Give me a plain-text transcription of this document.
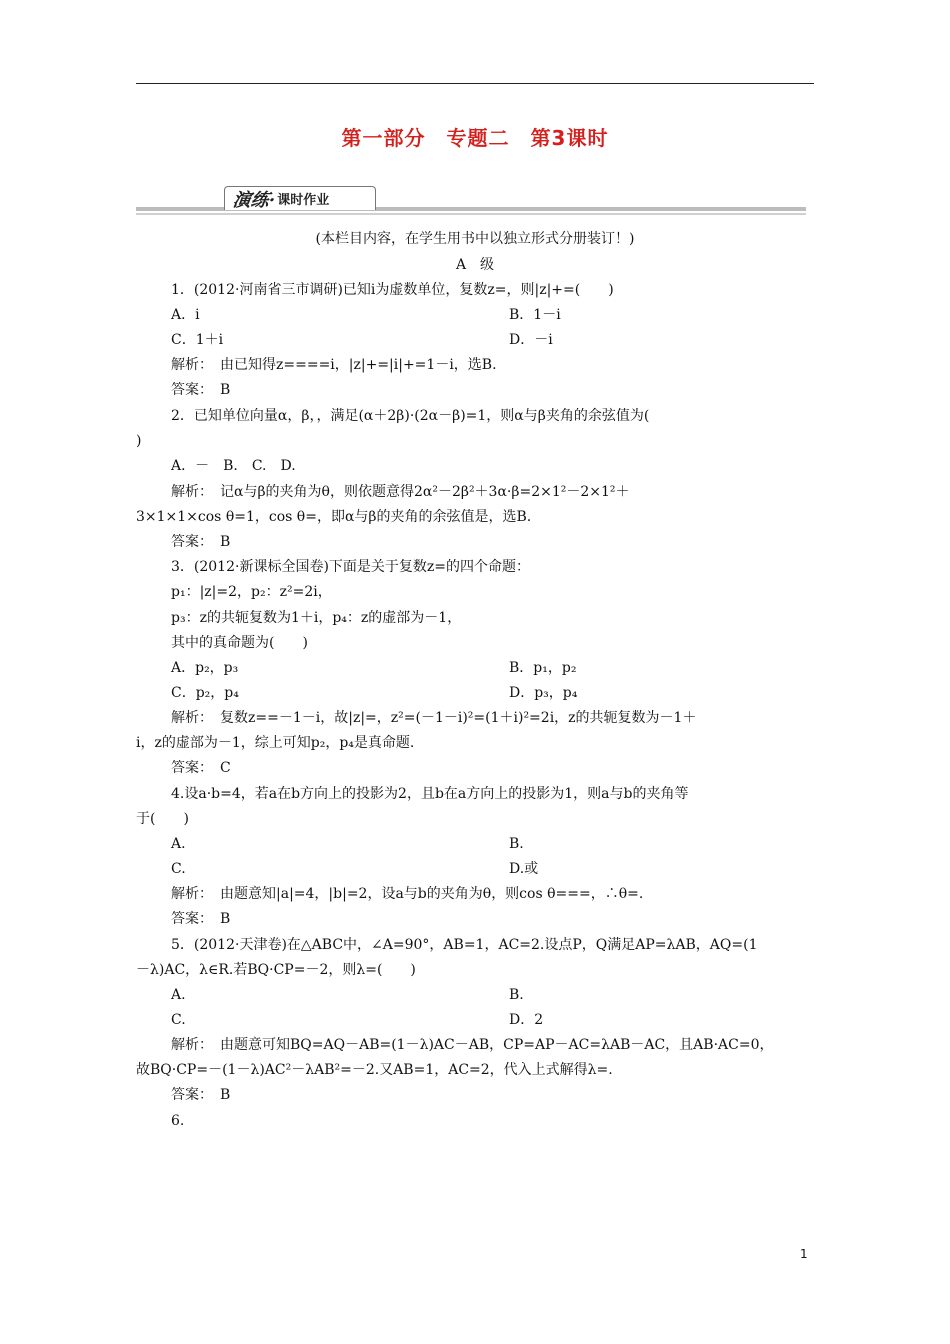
第一部分　专题二　第3课时
演练· 课时作业
(本栏目内容，在学生用书中以独立形式分册装订！)
A　级
1．(2012·河南省三市调研)已知i为虚数单位，复数z=，则|z|+=(　　)
A．i	B．1－i
C．1＋i	D．－i
解析：　由已知得z====i，|z|+=|i|+=1－i，选B.
答案：　B
2．已知单位向量α，β，，满足(α＋2β)·(2α－β)=1，则α与β夹角的余弦值为(
)
A．－　B.　C.　D.
解析：　记α与β的夹角为θ，则依题意得2α²－2β²＋3α·β=2×1²－2×1²＋
3×1×1×cos θ=1，cos θ=，即α与β的夹角的余弦值是，选B.
答案：　B
3．(2012·新课标全国卷)下面是关于复数z=的四个命题：
p₁：|z|=2，p₂：z²=2i，
p₃：z的共轭复数为1＋i，p₄：z的虚部为－1，
其中的真命题为(　　)
A．p₂，p₃	B．p₁，p₂
C．p₂，p₄	D．p₃，p₄
解析：　复数z==－1－i，故|z|=，z²=(－1－i)²=(1＋i)²=2i，z的共轭复数为－1＋
i，z的虚部为－1，综上可知p₂，p₄是真命题.
答案：　C
4.设a·b=4，若a在b方向上的投影为2，且b在a方向上的投影为1，则a与b的夹角等
于(　　)
A.	B.
C.	D.或
解析：　由题意知|a|=4，|b|=2，设a与b的夹角为θ，则cos θ===，∴θ=.
答案：　B
5．(2012·天津卷)在△ABC中，∠A=90°，AB=1，AC=2.设点P，Q满足AP=λAB，AQ=(1
－λ)AC，λ∈R.若BQ·CP=－2，则λ=(　　)
A.	B.
C.	D．2
解析：　由题意可知BQ=AQ－AB=(1－λ)AC－AB，CP=AP－AC=λAB－AC，且AB·AC=0，
故BQ·CP=－(1－λ)AC²－λAB²=－2.又AB=1，AC=2，代入上式解得λ=.
答案：　B
6.
1
